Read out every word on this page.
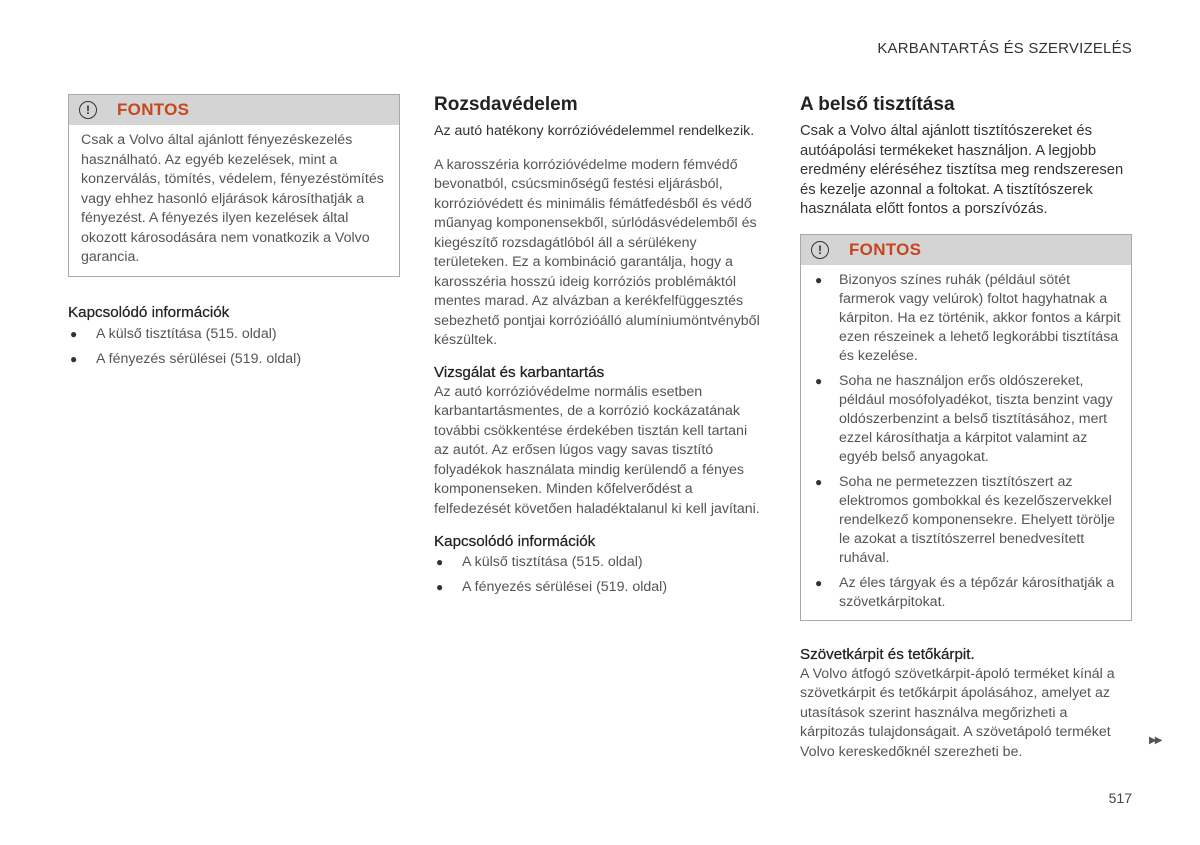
KARBANTARTÁS ÉS SZERVIZELÉS
!	FONTOS
Csak a Volvo által ajánlott fényezéskezelés használható. Az egyéb kezelések, mint a konzerválás, tömítés, védelem, fényezéstömítés vagy ehhez hasonló eljárások károsíthatják a fényezést. A fényezés ilyen kezelések által okozott károsodására nem vonatkozik a Volvo garancia.
Kapcsolódó információk
● A külső tisztítása (515. oldal)
● A fényezés sérülései (519. oldal)
Rozsdavédelem

Az autó hatékony korrózióvédelemmel rendelkezik.

A karosszéria korrózióvédelme modern fémvédő bevonatból, csúcsminőségű festési eljárásból, korrózióvédett és minimális fémátfedésből és védő műanyag komponensekből, súrlódásvédelemből és kiegészítő rozsdagátlóból áll a sérülékeny területeken. Ez a kombináció garantálja, hogy a karosszéria hosszú ideig korróziós problémáktól mentes marad. Az alvázban a kerékfelfüggesztés sebezhető pontjai korrózióálló alumíniumöntvényből készültek.

Vizsgálat és karbantartás

Az autó korrózióvédelme normális esetben karbantartásmentes, de a korrózió kockázatának további csökkentése érdekében tisztán kell tartani az autót. Az erősen lúgos vagy savas tisztító folyadékok használata mindig kerülendő a fényes komponenseken. Minden kőfelverődést a felfedezését követően haladéktalanul ki kell javítani.

Kapcsolódó információk
● A külső tisztítása (515. oldal)
● A fényezés sérülései (519. oldal)
A belső tisztítása

Csak a Volvo által ajánlott tisztítószereket és autóápolási termékeket használjon. A legjobb eredmény eléréséhez tisztítsa meg rendszeresen és kezelje azonnal a foltokat. A tisztítószerek használata előtt fontos a porszívózás.

!	FONTOS
● Bizonyos színes ruhák (például sötét farmerok vagy velúrok) foltot hagyhatnak a kárpiton. Ha ez történik, akkor fontos a kárpit ezen részeinek a lehető legkorábbi tisztítása és kezelése.
● Soha ne használjon erős oldószereket, például mosófolyadékot, tiszta benzint vagy oldószerbenzint a belső tisztításához, mert ezzel károsíthatja a kárpitot valamint az egyéb belső anyagokat.
● Soha ne permetezzen tisztítószert az elektromos gombokkal és kezelőszervekkel rendelkező komponensekre. Ehelyett törölje le azokat a tisztítószerrel benedvesített ruhával.
● Az éles tárgyak és a tépőzár károsíthatják a szövetkárpitokat.
Szövetkárpit és tetőkárpit.

A Volvo átfogó szövetkárpit-ápoló terméket kínál a szövetkárpit és tetőkárpit ápolásához, amelyet az utasítások szerint használva megőrizheti a kárpitozás tulajdonságait. A szövetápoló terméket Volvo kereskedőknél szerezheti be.

▶▶
517
